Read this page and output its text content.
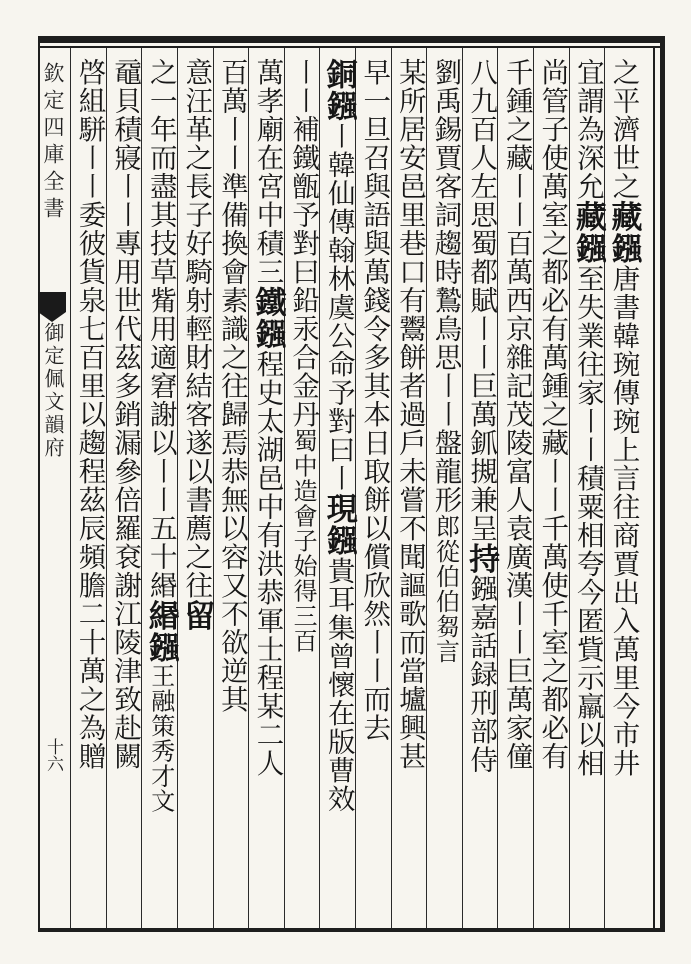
欽定四庫全書
御定佩文韻府
十六
之平濟世之藏鏹唐書韓琬傳琬上言往商賈出入萬里今市井
宜謂為深允藏鏹至失業往家〡〡積粟相夸今匿貲示羸以相
尚管子使萬室之都必有萬鍾之藏〡〡千萬使千室之都必有
千鍾之藏〡〡百萬西京雜記茂陵富人袁廣漢〡〡巨萬家僮
八九百人左思蜀都賦〡〡巨萬釽摫兼呈持鏹嘉話録刑部侍
劉禹錫賈客詞趨時鷙鳥思〡〡盤龍形郎從伯伯芻言
某所居安邑里巷口有鬻餅者過戶未嘗不聞謳歌而當壚興甚
早一旦召與語與萬錢令多其本日取餅以償欣然〡〡而去
銅鏹〡韓仙傳翰林虞公命予對曰〡現鏹貴耳集曾懷在版曹效
〡〡補鐵甑予對曰鉛汞合金丹蜀中造會子始得三百
萬孝廟在宮中積三鐵鏹程史太湖邑中有洪恭軍士程某二人
百萬〡〡準備換會素識之往歸焉恭無以容又不欲逆其
意汪革之長子好騎射輕財結客遂以書薦之往留
之一年而盡其技草觜用適窘謝以〡〡五十緡緡鏹王融策秀才文
黿貝積寢〡〡專用世代茲多銷漏參倍羅袞謝江陵津致赴闕
啓組駢〡〡委彼貨泉七百里以趨程茲辰頻膽二十萬之為贈
